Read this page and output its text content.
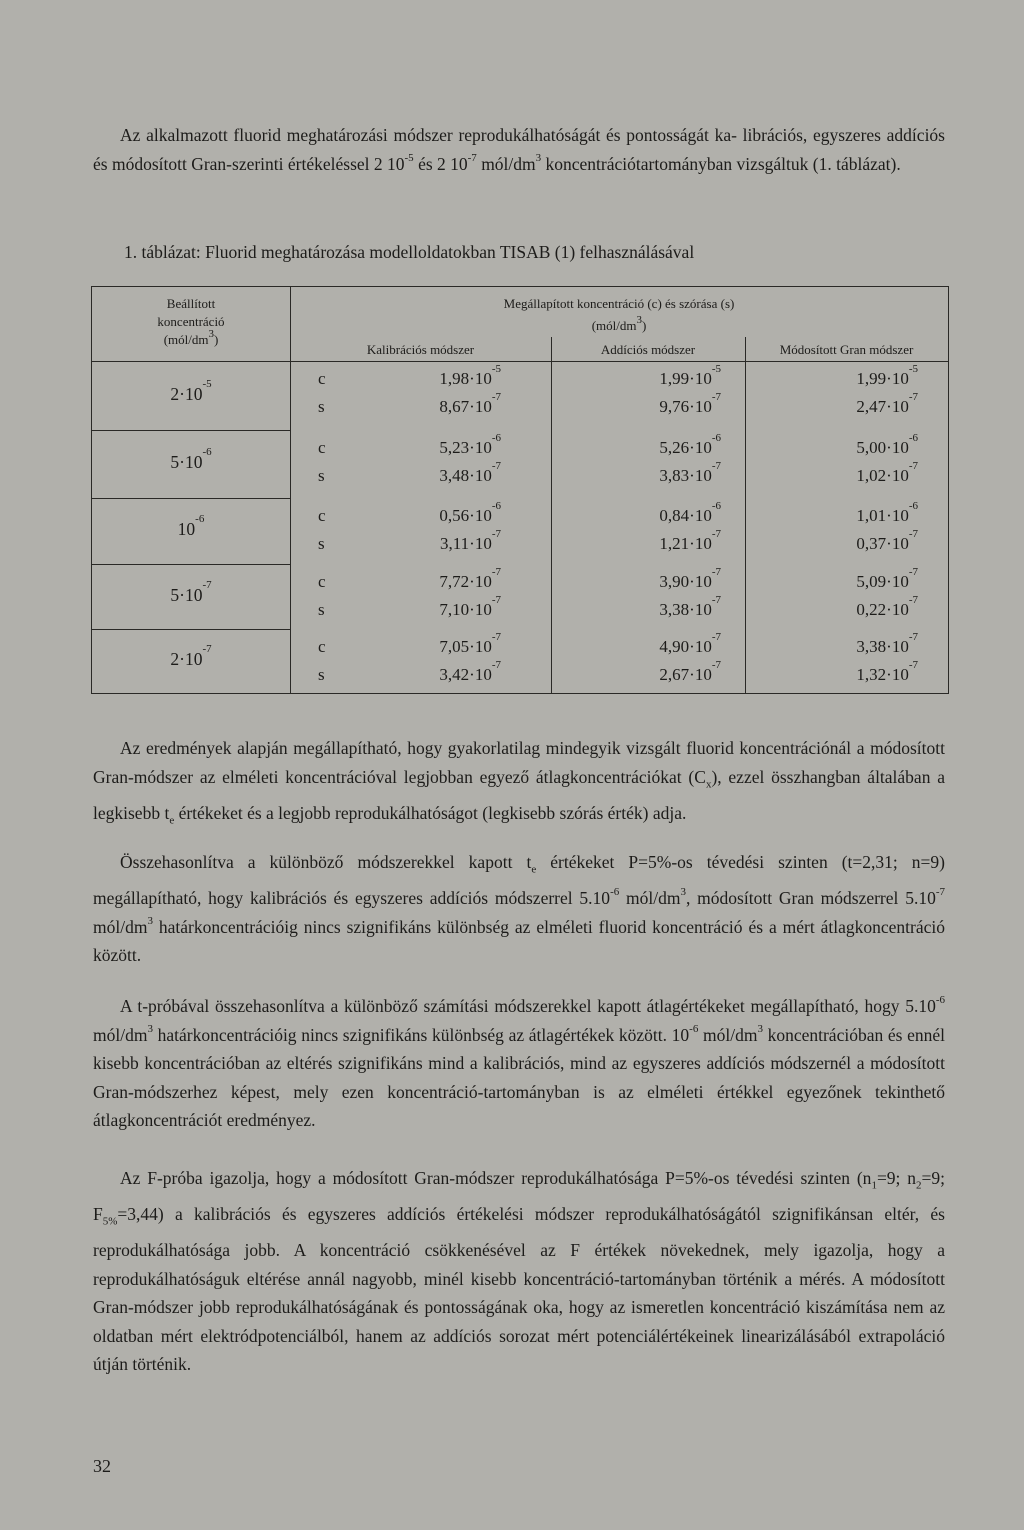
Az alkalmazott fluorid meghatározási módszer reprodukálhatóságát és pontosságát ka- librációs, egyszeres addíciós és módosított Gran-szerinti értékeléssel 2 $10^{-5}$ és 2 $10^{-7}$ mól/$dm^3$ koncentrációtartományban vizsgáltuk (1. táblázat).
1. táblázat: Fluorid meghatározása modelloldatokban TISAB (1) felhasználásával
Beállított
koncentráció
$(mól/dm^3)$
Megállapított koncentráció (c) és szórása (s)
$(mól/dm^3)$
Kalibrációs módszer	Addíciós módszer	Módosított Gran módszer
$2\cdot 10^{-5}$	c	$1,98\cdot 10^{-5}$	$1,99\cdot 10^{-5}$	$1,99\cdot 10^{-5}$
s	$8,67\cdot 10^{-7}$	$9,76\cdot 10^{-7}$	$2,47\cdot 10^{-7}$
$5\cdot 10^{-6}$	c	$5,23\cdot 10^{-6}$	$5,26\cdot 10^{-6}$	$5,00\cdot 10^{-6}$
s	$3,48\cdot 10^{-7}$	$3,83\cdot 10^{-7}$	$1,02\cdot 10^{-7}$
$10^{-6}$	c	$0,56\cdot 10^{-6}$	$0,84\cdot 10^{-6}$	$1,01\cdot 10^{-6}$
s	$3,11\cdot 10^{-7}$	$1,21\cdot 10^{-7}$	$0,37\cdot 10^{-7}$
$5\cdot 10^{-7}$	c	$7,72\cdot 10^{-7}$	$3,90\cdot 10^{-7}$	$5,09\cdot 10^{-7}$
s	$7,10\cdot 10^{-7}$	$3,38\cdot 10^{-7}$	$0,22\cdot 10^{-7}$
$2\cdot 10^{-7}$	c	$7,05\cdot 10^{-7}$	$4,90\cdot 10^{-7}$	$3,38\cdot 10^{-7}$
s	$3,42\cdot 10^{-7}$	$2,67\cdot 10^{-7}$	$1,32\cdot 10^{-7}$
Az eredmények alapján megállapítható, hogy gyakorlatilag mindegyik vizsgált fluorid koncentrációnál a módosított Gran-módszer az elméleti koncentrációval legjobban egyező átlagkoncentrációkat $(C_x)$, ezzel összhangban általában a legkisebb $t_e$ értékeket és a legjobb reprodukálhatóságot (legkisebb szórás érték) adja.
Összehasonlítva a különböző módszerekkel kapott $t_e$ értékeket P=5%-os tévedési szinten (t=2,31; n=9) megállapítható, hogy kalibrációs és egyszeres addíciós módszerrel $5.10^{-6}$ mól/$dm^3$, módosított Gran módszerrel $5.10^{-7}$ mól/$dm^3$ határkoncentrációig nincs szignifikáns különbség az elméleti fluorid koncentráció és a mért átlagkoncentráció között.
A t-próbával összehasonlítva a különböző számítási módszerekkel kapott átlagértékeket megállapítható, hogy $5.10^{-6}$ mól/$dm^3$ határkoncentrációig nincs szignifikáns különbség az átlagértékek között. $10^{-6}$ mól/$dm^3$ koncentrációban és ennél kisebb koncentrációban az eltérés szignifikáns mind a kalibrációs, mind az egyszeres addíciós módszernél a módosított Gran-módszerhez képest, mely ezen koncentráció-tartományban is az elméleti értékkel egyezőnek tekinthető átlagkoncentrációt eredményez.
Az F-próba igazolja, hogy a módosított Gran-módszer reprodukálhatósága P=5%-os tévedési szinten ($n_1=9$; $n_2=9$; $F_{5\%}=3,44$) a kalibrációs és egyszeres addíciós értékelési módszer reprodukálhatóságától szignifikánsan eltér, és reprodukálhatósága jobb. A koncentráció csökkenésével az F értékek növekednek, mely igazolja, hogy a reprodukálhatóságuk eltérése annál nagyobb, minél kisebb koncentráció-tartományban történik a mérés. A módosított Gran-módszer jobb reprodukálhatóságának és pontosságának oka, hogy az ismeretlen koncentráció kiszámítása nem az oldatban mért elektródpotenciálból, hanem az addíciós sorozat mért potenciálértékeinek linearizálásából extrapoláció útján történik.
32
